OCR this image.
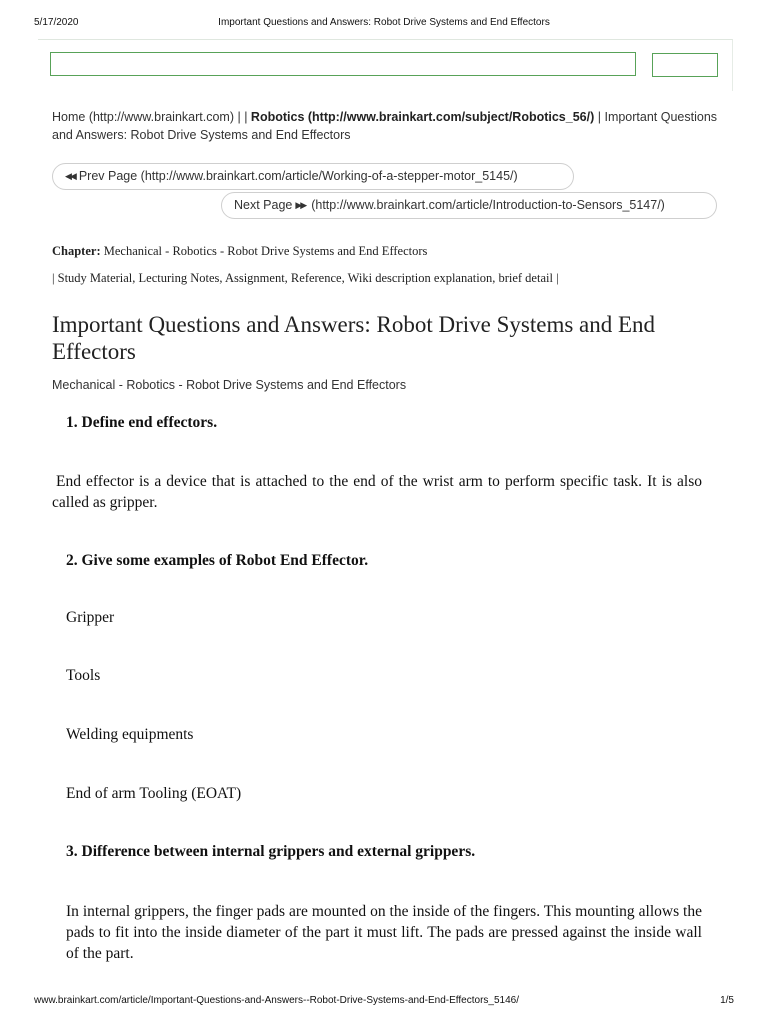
5/17/2020	Important Questions and Answers: Robot Drive Systems and End Effectors
Home (http://www.brainkart.com) | | Robotics (http://www.brainkart.com/subject/Robotics_56/) | Important Questions and Answers: Robot Drive Systems and End Effectors
◀◀ Prev Page (http://www.brainkart.com/article/Working-of-a-stepper-motor_5145/)
Next Page ▶▶ (http://www.brainkart.com/article/Introduction-to-Sensors_5147/)
Chapter: Mechanical - Robotics - Robot Drive Systems and End Effectors
| Study Material, Lecturing Notes, Assignment, Reference, Wiki description explanation, brief detail |
Important Questions and Answers: Robot Drive Systems and End Effectors
Mechanical - Robotics - Robot Drive Systems and End Effectors

1. Define end effectors.

End effector is a device that is attached to the end of the wrist arm to perform specific task. It is also called as gripper.

2. Give some examples of Robot End Effector.

Gripper
Tools
Welding equipments
End of arm Tooling (EOAT)

3. Difference between internal grippers and external grippers.

In internal grippers, the finger pads are mounted on the inside of the fingers. This mounting allows the pads to fit into the inside diameter of the part it must lift. The pads are pressed against the inside wall of the part.

www.brainkart.com/article/Important-Questions-and-Answers--Robot-Drive-Systems-and-End-Effectors_5146/	1/5
